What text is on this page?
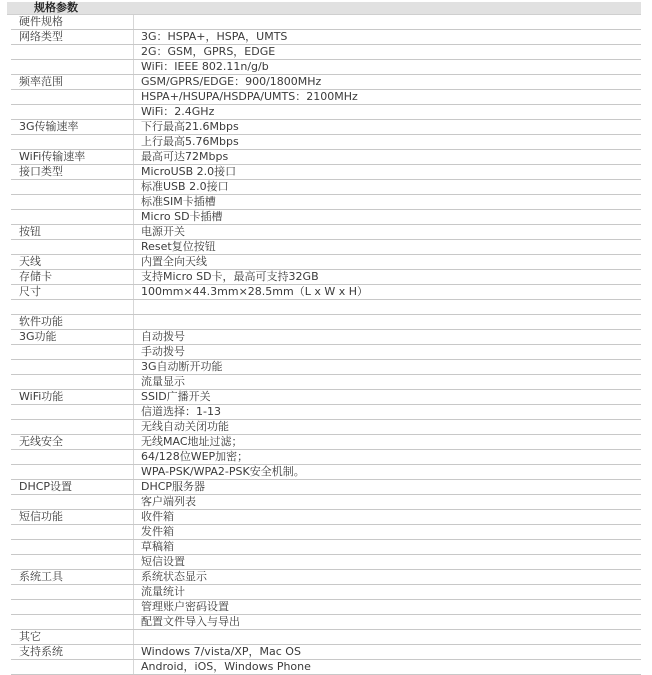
规格参数
硬件规格	
网络类型	3G：HSPA+，HSPA，UMTS
	2G：GSM，GPRS，EDGE
	WiFi：IEEE 802.11n/g/b
频率范围	GSM/GPRS/EDGE：900/1800MHz
	HSPA+/HSUPA/HSDPA/UMTS：2100MHz
	WiFi：2.4GHz
3G传输速率	下行最高21.6Mbps
	上行最高5.76Mbps
WiFi传输速率	最高可达72Mbps
接口类型	MicroUSB 2.0接口
	标准USB 2.0接口
	标准SIM卡插槽
	Micro SD卡插槽
按钮	电源开关
	Reset复位按钮
天线	内置全向天线
存储卡	支持Micro SD卡，最高可支持32GB
尺寸	100mm×44.3mm×28.5mm（L x W x H）

软件功能	
3G功能	自动拨号
	手动拨号
	3G自动断开功能
	流量显示
WiFi功能	SSID广播开关
	信道选择：1-13
	无线自动关闭功能
无线安全	无线MAC地址过滤；
	64/128位WEP加密；
	WPA-PSK/WPA2-PSK安全机制。
DHCP设置	DHCP服务器
	客户端列表
短信功能	收件箱
	发件箱
	草稿箱
	短信设置
系统工具	系统状态显示
	流量统计
	管理账户密码设置
	配置文件导入与导出
其它	
支持系统	Windows 7/vista/XP，Mac OS
	Android，iOS，Windows Phone
